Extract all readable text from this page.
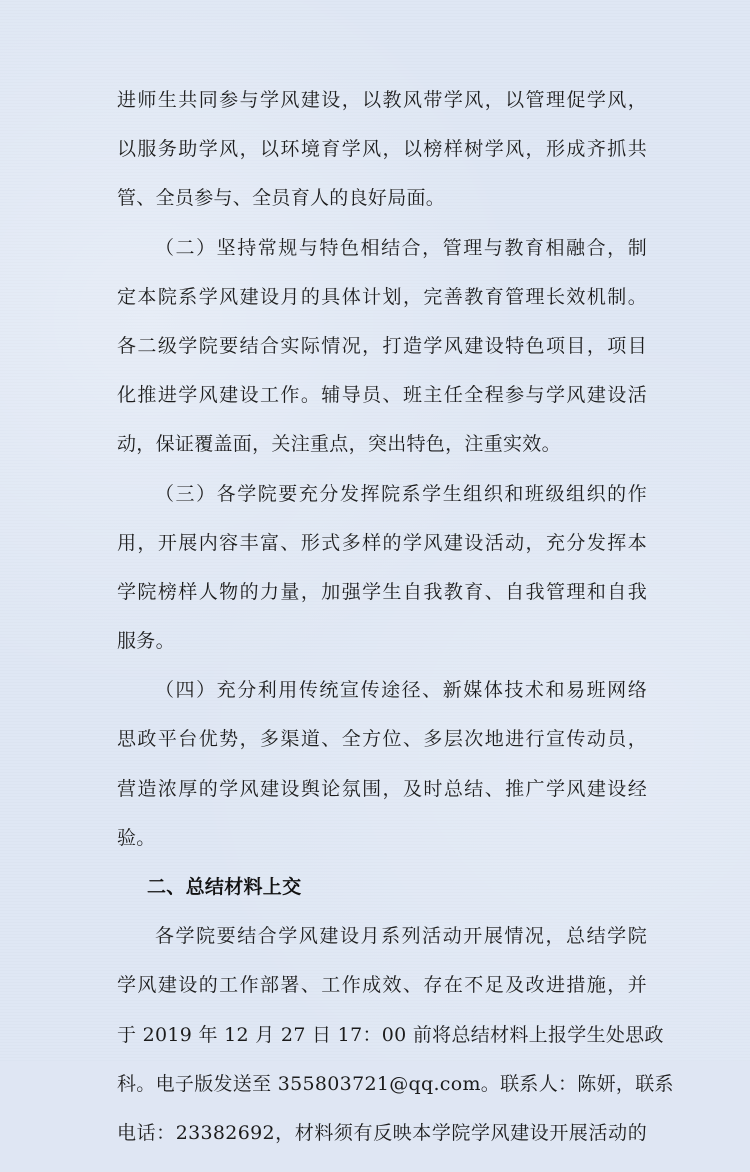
进师生共同参与学风建设，以教风带学风，以管理促学风，
以服务助学风，以环境育学风，以榜样树学风，形成齐抓共
管、全员参与、全员育人的良好局面。
（二）坚持常规与特色相结合，管理与教育相融合，制
定本院系学风建设月的具体计划，完善教育管理长效机制。
各二级学院要结合实际情况，打造学风建设特色项目，项目
化推进学风建设工作。辅导员、班主任全程参与学风建设活
动，保证覆盖面，关注重点，突出特色，注重实效。
（三）各学院要充分发挥院系学生组织和班级组织的作
用，开展内容丰富、形式多样的学风建设活动，充分发挥本
学院榜样人物的力量，加强学生自我教育、自我管理和自我
服务。
（四）充分利用传统宣传途径、新媒体技术和易班网络
思政平台优势，多渠道、全方位、多层次地进行宣传动员，
营造浓厚的学风建设舆论氛围，及时总结、推广学风建设经
验。
二、总结材料上交
各学院要结合学风建设月系列活动开展情况，总结学院
学风建设的工作部署、工作成效、存在不足及改进措施，并
于 2019 年 12 月 27 日 17：00 前将总结材料上报学生处思政
科。电子版发送至 355803721@qq.com。联系人：陈妍，联系
电话：23382692，材料须有反映本学院学风建设开展活动的
